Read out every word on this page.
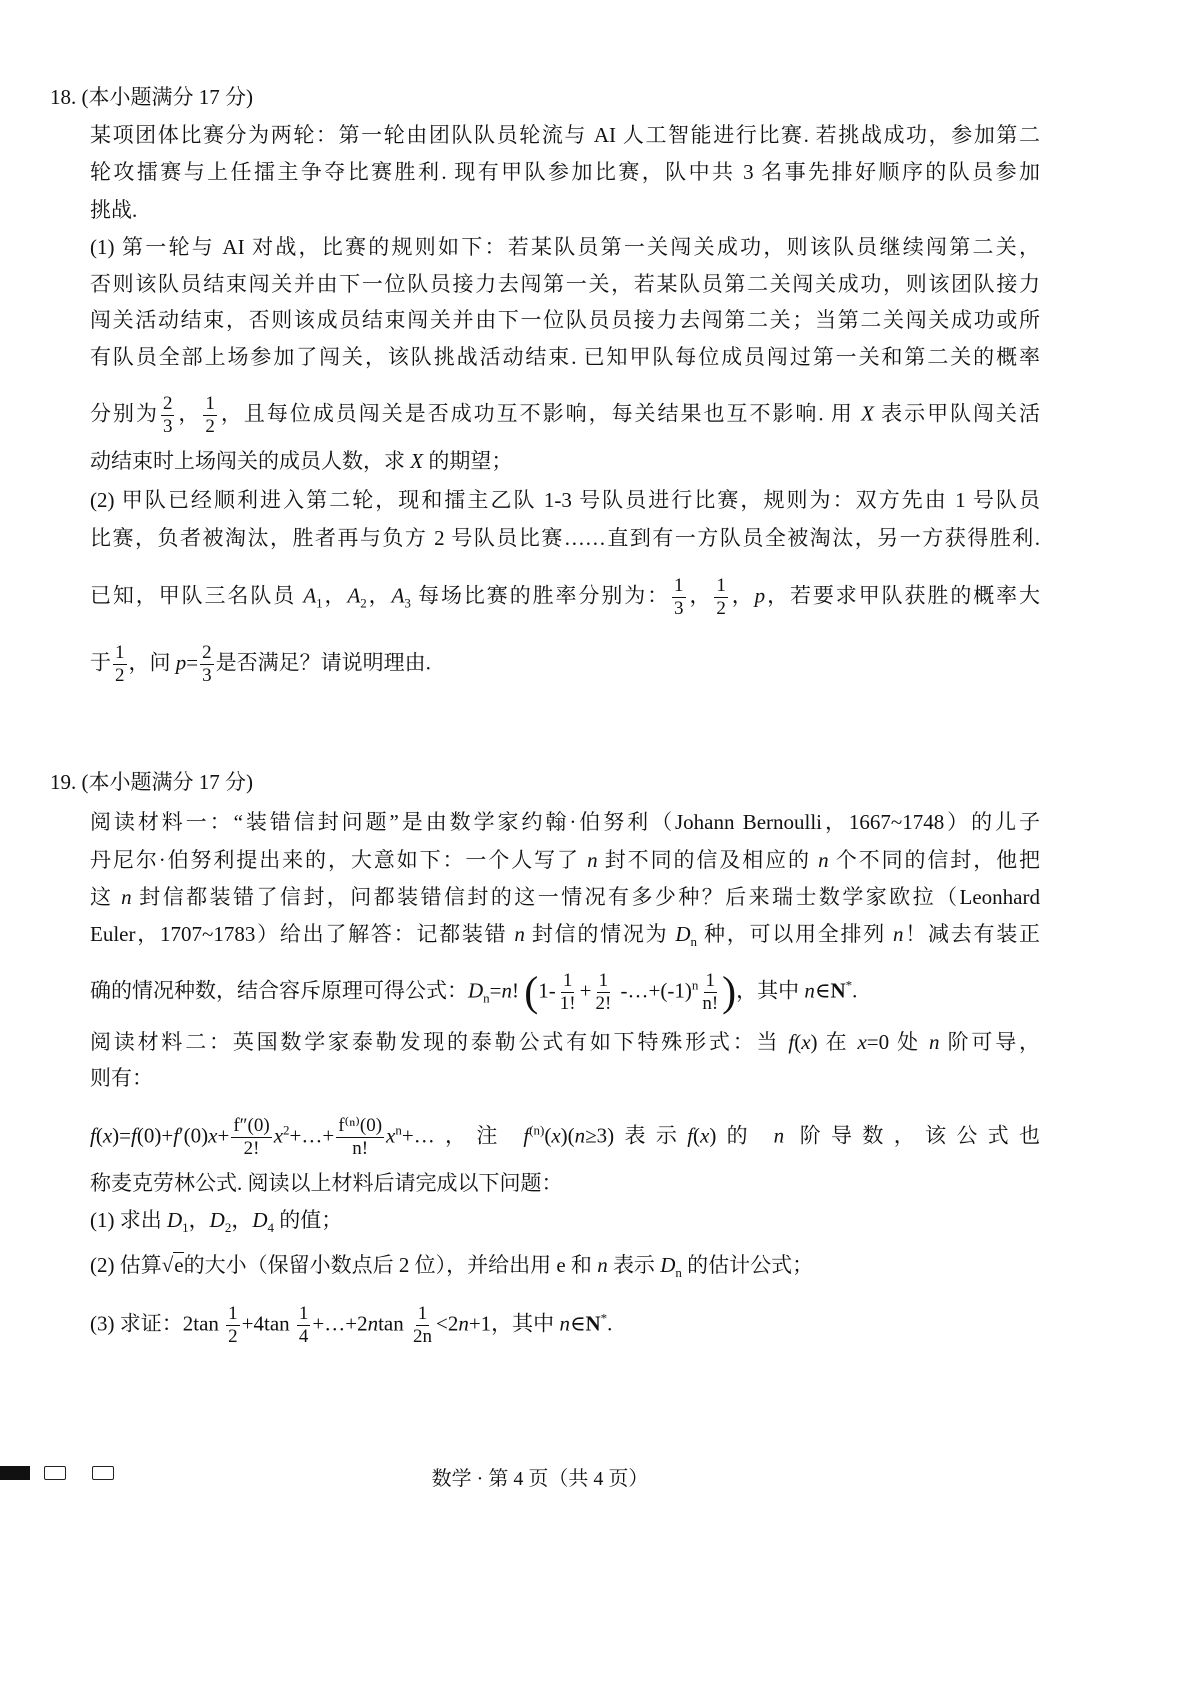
18. (本小题满分 17 分)
某项团体比赛分为两轮：第一轮由团队队员轮流与 AI 人工智能进行比赛. 若挑战成功，参加第二
轮攻擂赛与上任擂主争夺比赛胜利. 现有甲队参加比赛，队中共 3 名事先排好顺序的队员参加
挑战.
(1) 第一轮与 AI 对战，比赛的规则如下：若某队员第一关闯关成功，则该队员继续闯第二关，
否则该队员结束闯关并由下一位队员接力去闯第一关，若某队员第二关闯关成功，则该团队接力
闯关活动结束，否则该成员结束闯关并由下一位队员员接力去闯第二关；当第二关闯关成功或所
有队员全部上场参加了闯关，该队挑战活动结束. 已知甲队每位成员闯过第一关和第二关的概率
分别为 $\frac{2}{3}$ ， $\frac{1}{2}$ ，且每位成员闯关是否成功互不影响，每关结果也互不影响. 用 X 表示甲队闯关活
动结束时上场闯关的成员人数，求 X 的期望；
(2) 甲队已经顺利进入第二轮，现和擂主乙队 1-3 号队员进行比赛，规则为：双方先由 1 号队员
比赛，负者被淘汰，胜者再与负方 2 号队员比赛……直到有一方队员全被淘汰，另一方获得胜利.
已知，甲队三名队员 $A_1$，$A_2$，$A_3$ 每场比赛的胜率分别为： $\frac{1}{3}$ ， $\frac{1}{2}$ ，p，若要求甲队获胜的概率大
于 $\frac{1}{2}$ ，问 $p= \frac{2}{3}$ 是否满足？请说明理由.
19. (本小题满分 17 分)
阅读材料一：“装错信封问题”是由数学家约翰·伯努利（Johann Bernoulli，1667~1748）的儿子
丹尼尔·伯努利提出来的，大意如下：一个人写了 n 封不同的信及相应的 n 个不同的信封，他把
这 n 封信都装错了信封，问都装错信封的这一情况有多少种？后来瑞士数学家欧拉（Leonhard
Euler，1707~1783）给出了解答：记都装错 n 封信的情况为 $D_n$ 种，可以用全排列 n！减去有装正
确的情况种数，结合容斥原理可得公式：$D_n=n$! ($1- \frac{1}{1!} + \frac{1}{2!}$ $-\dots+(-1)^n \frac{1}{n!}$ )，其中 n∈N*.
阅读材料二：英国数学家泰勒发现的泰勒公式有如下特殊形式：当 f(x) 在 x=0 处 n 阶可导，
则有：
$f(x)=f(0)+f'(0)x+ \frac{f''(0)}{2!}$ $x^2+\dots+ \frac{\text{f⁽ⁿ⁾(0)}}{n!}$ $x^n+\dots$，注 $f^{(n)}(x)(n\ge 3)$表示f(x)的 n 阶导数，该公式也
称麦克劳林公式. 阅读以上材料后请完成以下问题：
(1) 求出 $D_1$，$D_2$，$D_4$ 的值；
(2) 估算√e的大小（保留小数点后 2 位），并给出用 e 和 n 表示 $D_n$ 的估计公式；
(3) 求证：$2\tan \frac{1}{2} +4\tan \frac{1}{4}$ +…+2ntan $\frac{1}{2n} <2n+1$，其中 n∈N*.
数学 · 第 4 页（共 4 页）
